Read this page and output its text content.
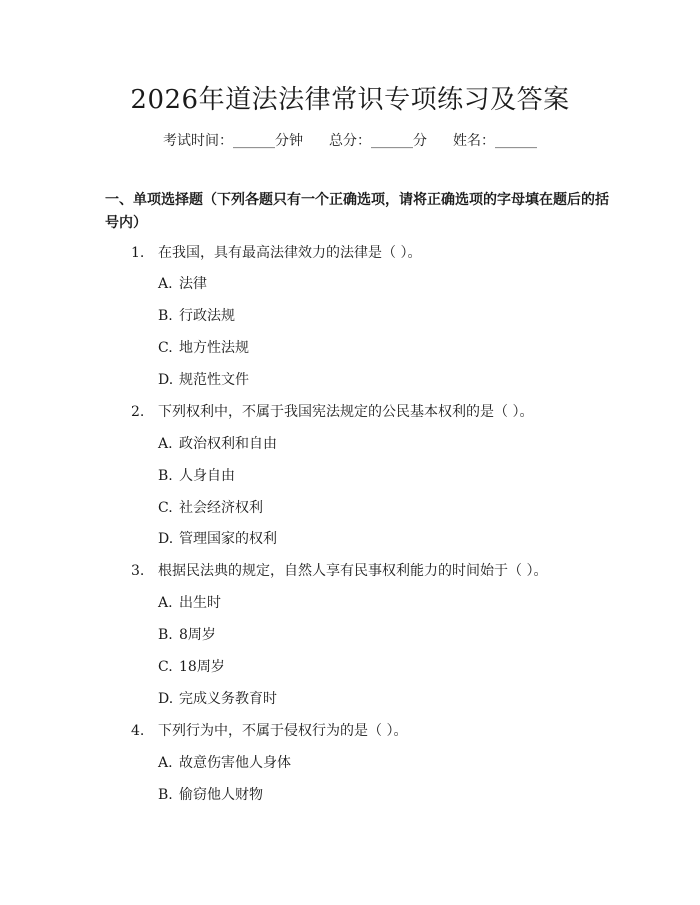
2026年道法法律常识专项练习及答案
考试时间：______分钟 总分：______分 姓名：______
一、单项选择题（下列各题只有一个正确选项，请将正确选项的字母填在题后的括号内）
1. 在我国，具有最高法律效力的法律是（ ）。
A. 法律
B. 行政法规
C. 地方性法规
D. 规范性文件
2. 下列权利中，不属于我国宪法规定的公民基本权利的是（ ）。
A. 政治权利和自由
B. 人身自由
C. 社会经济权利
D. 管理国家的权利
3. 根据民法典的规定，自然人享有民事权利能力的时间始于（ ）。
A. 出生时
B. 8周岁
C. 18周岁
D. 完成义务教育时
4. 下列行为中，不属于侵权行为的是（ ）。
A. 故意伤害他人身体
B. 偷窃他人财物
